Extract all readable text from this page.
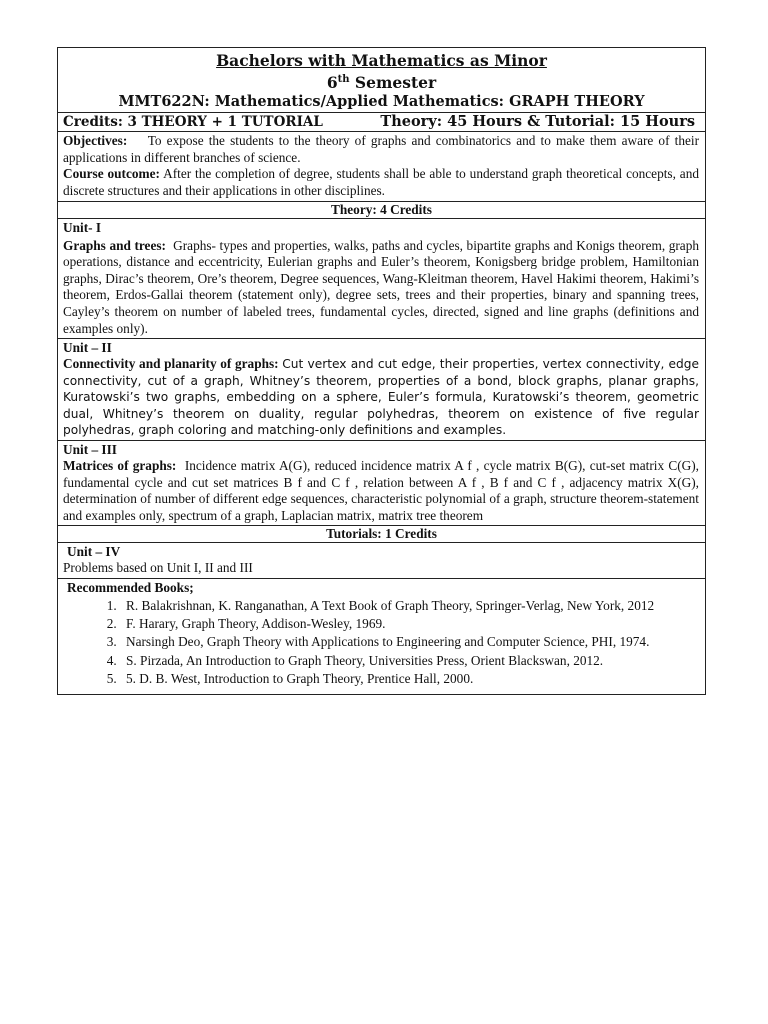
Bachelors with Mathematics as Minor
6th Semester
MMT622N: Mathematics/Applied Mathematics: GRAPH THEORY
Credits: 3 THEORY + 1 TUTORIAL	Theory: 45 Hours & Tutorial: 15 Hours
Objectives: To expose the students to the theory of graphs and combinatorics and to make them aware of their applications in different branches of science.
Course outcome: After the completion of degree, students shall be able to understand graph theoretical concepts, and discrete structures and their applications in other disciplines.
Theory: 4 Credits
Unit- I
Graphs and trees: Graphs- types and properties, walks, paths and cycles, bipartite graphs and Konigs theorem, graph operations, distance and eccentricity, Eulerian graphs and Euler’s theorem, Konigsberg bridge problem, Hamiltonian graphs, Dirac’s theorem, Ore’s theorem, Degree sequences, Wang-Kleitman theorem, Havel Hakimi theorem, Hakimi’s theorem, Erdos-Gallai theorem (statement only), degree sets, trees and their properties, binary and spanning trees, Cayley’s theorem on number of labeled trees, fundamental cycles, directed, signed and line graphs (definitions and examples only).
Unit – II
Connectivity and planarity of graphs: Cut vertex and cut edge, their properties, vertex connectivity, edge connectivity, cut of a graph, Whitney’s theorem, properties of a bond, block graphs, planar graphs, Kuratowski’s two graphs, embedding on a sphere, Euler’s formula, Kuratowski’s theorem, geometric dual, Whitney’s theorem on duality, regular polyhedras, theorem on existence of five regular polyhedras, graph coloring and matching-only definitions and examples.
Unit – III
Matrices of graphs: Incidence matrix A(G), reduced incidence matrix A f , cycle matrix B(G), cut-set matrix C(G), fundamental cycle and cut set matrices B f and C f , relation between A f , B f and C f , adjacency matrix X(G), determination of number of different edge sequences, characteristic polynomial of a graph, structure theorem-statement and examples only, spectrum of a graph, Laplacian matrix, matrix tree theorem
Tutorials: 1 Credits
Unit – IV
Problems based on Unit I, II and III
Recommended Books;
1. R. Balakrishnan, K. Ranganathan, A Text Book of Graph Theory, Springer-Verlag, New York, 2012
2. F. Harary, Graph Theory, Addison-Wesley, 1969.
3. Narsingh Deo, Graph Theory with Applications to Engineering and Computer Science, PHI, 1974.
4. S. Pirzada, An Introduction to Graph Theory, Universities Press, Orient Blackswan, 2012.
5. 5. D. B. West, Introduction to Graph Theory, Prentice Hall, 2000.
